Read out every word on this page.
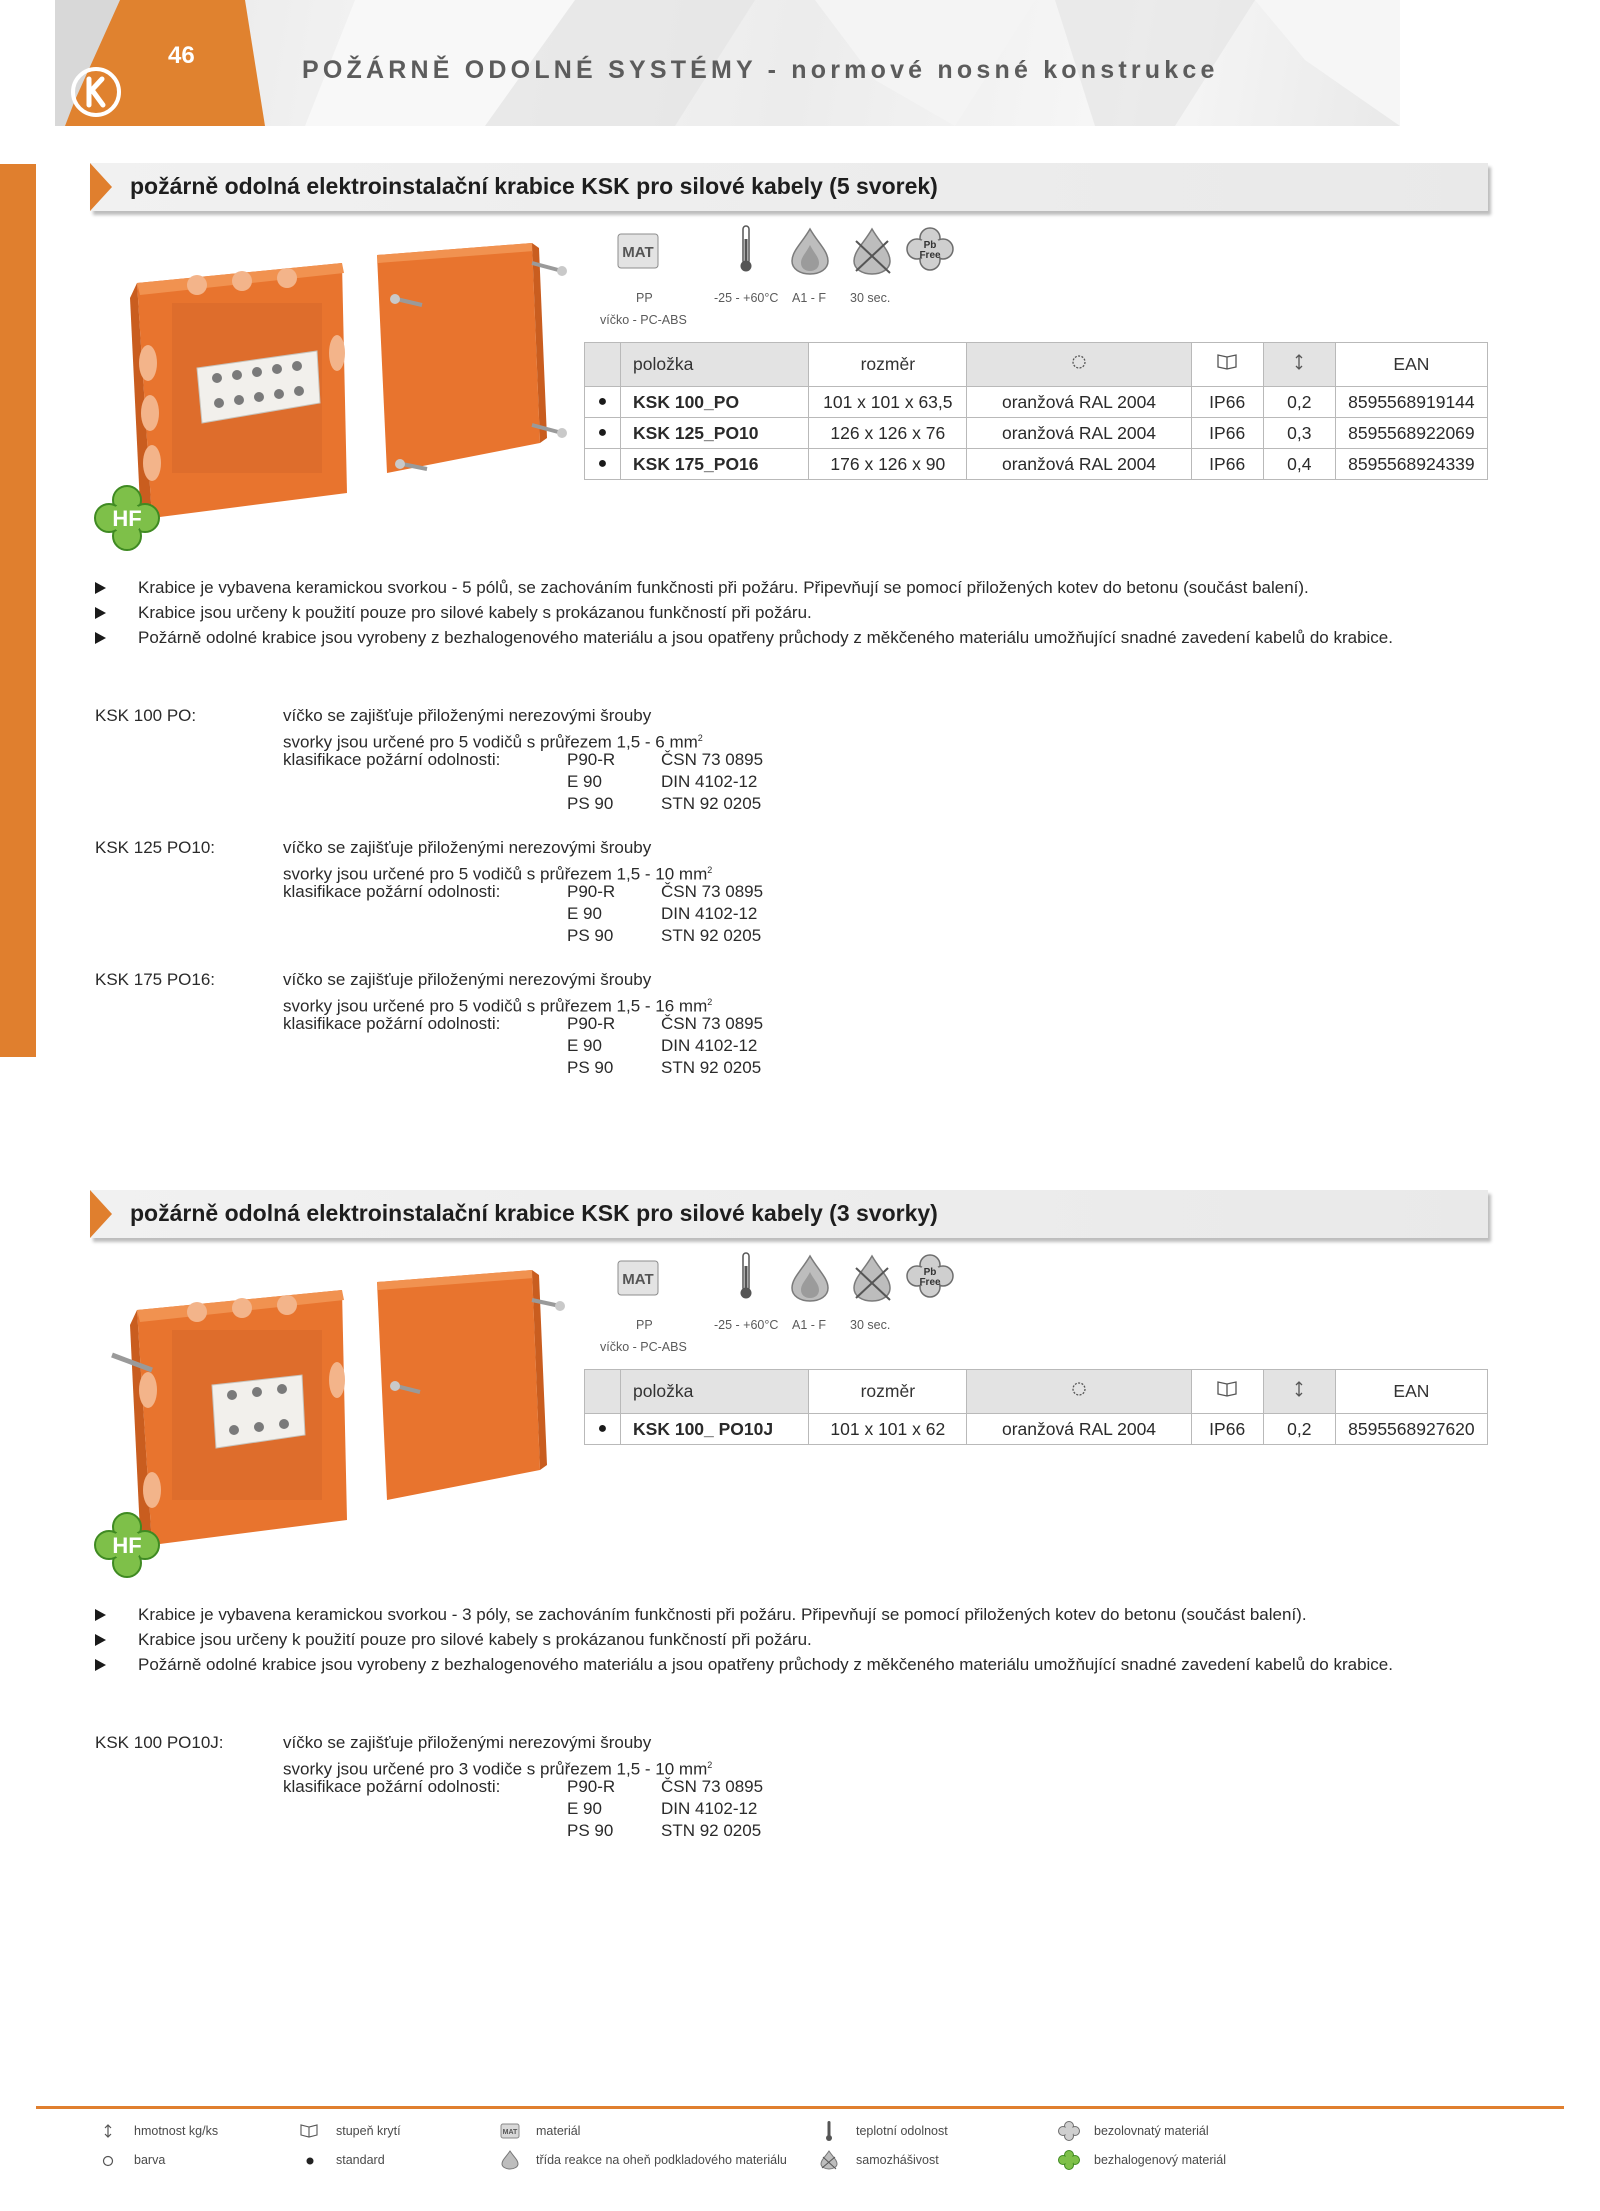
46
POŽÁRNĚ ODOLNÉ SYSTÉMY - normové nosné konstrukce
požárně odolná elektroinstalační krabice KSK pro silové kabely (5 svorek)
HF
MAT	Pb
Free
PP
víčko - PC-ABS
-25 - +60°C A1 - F 30 sec.
	položka	rozměr				EAN
●	KSK 100_PO	101 x 101 x 63,5	oranžová RAL 2004	IP66	0,2	8595568919144
●	KSK 125_PO10	126 x 126 x 76	oranžová RAL 2004	IP66	0,3	8595568922069
●	KSK 175_PO16	176 x 126 x 90	oranžová RAL 2004	IP66	0,4	8595568924339
Krabice je vybavena keramickou svorkou - 5 pólů, se zachováním funkčnosti při požáru. Připevňují se pomocí přiložených kotev do betonu (součást balení).
Krabice jsou určeny k použití pouze pro silové kabely s prokázanou funkčností při požáru.
Požárně odolné krabice jsou vyrobeny z bezhalogenového materiálu a jsou opatřeny průchody z měkčeného materiálu umožňující snadné zavedení kabelů do krabice.
KSK 100 PO:	víčko se zajišťuje přiloženými nerezovými šrouby
svorky jsou určené pro 5 vodičů s průřezem 1,5 - 6 $mm^2$
klasifikace požární odolnosti:	P90-R	ČSN 73 0895
E 90	DIN 4102-12
PS 90	STN 92 0205
KSK 125 PO10:	víčko se zajišťuje přiloženými nerezovými šrouby
svorky jsou určené pro 5 vodičů s průřezem 1,5 - 10 $mm^2$
klasifikace požární odolnosti:	P90-R	ČSN 73 0895
E 90	DIN 4102-12
PS 90	STN 92 0205
KSK 175 PO16:	víčko se zajišťuje přiloženými nerezovými šrouby
svorky jsou určené pro 5 vodičů s průřezem 1,5 - 16 $mm^2$
klasifikace požární odolnosti:	P90-R	ČSN 73 0895
E 90	DIN 4102-12
PS 90	STN 92 0205
požárně odolná elektroinstalační krabice KSK pro silové kabely (3 svorky)
HF
MAT	Pb
Free
PP
víčko - PC-ABS
-25 - +60°C A1 - F 30 sec.
	položka	rozměr				EAN
●	KSK 100_ PO10J	101 x 101 x 62	oranžová RAL 2004	IP66	0,2	8595568927620
Krabice je vybavena keramickou svorkou - 3 póly, se zachováním funkčnosti při požáru. Připevňují se pomocí přiložených kotev do betonu (součást balení).
Krabice jsou určeny k použití pouze pro silové kabely s prokázanou funkčností při požáru.
Požárně odolné krabice jsou vyrobeny z bezhalogenového materiálu a jsou opatřeny průchody z měkčeného materiálu umožňující snadné zavedení kabelů do krabice.
KSK 100 PO10J:	víčko se zajišťuje přiloženými nerezovými šrouby
svorky jsou určené pro 3 vodiče s průřezem 1,5 - 10 $mm^2$
klasifikace požární odolnosti:	P90-R	ČSN 73 0895
E 90	DIN 4102-12
PS 90	STN 92 0205
hmotnost kg/ks
barva
stupeň krytí
standard
MAT materiál
třída reakce na oheň podkladového materiálu
teplotní odolnost
samozhášivost
bezolovnatý materiál
bezhalogenový materiál
